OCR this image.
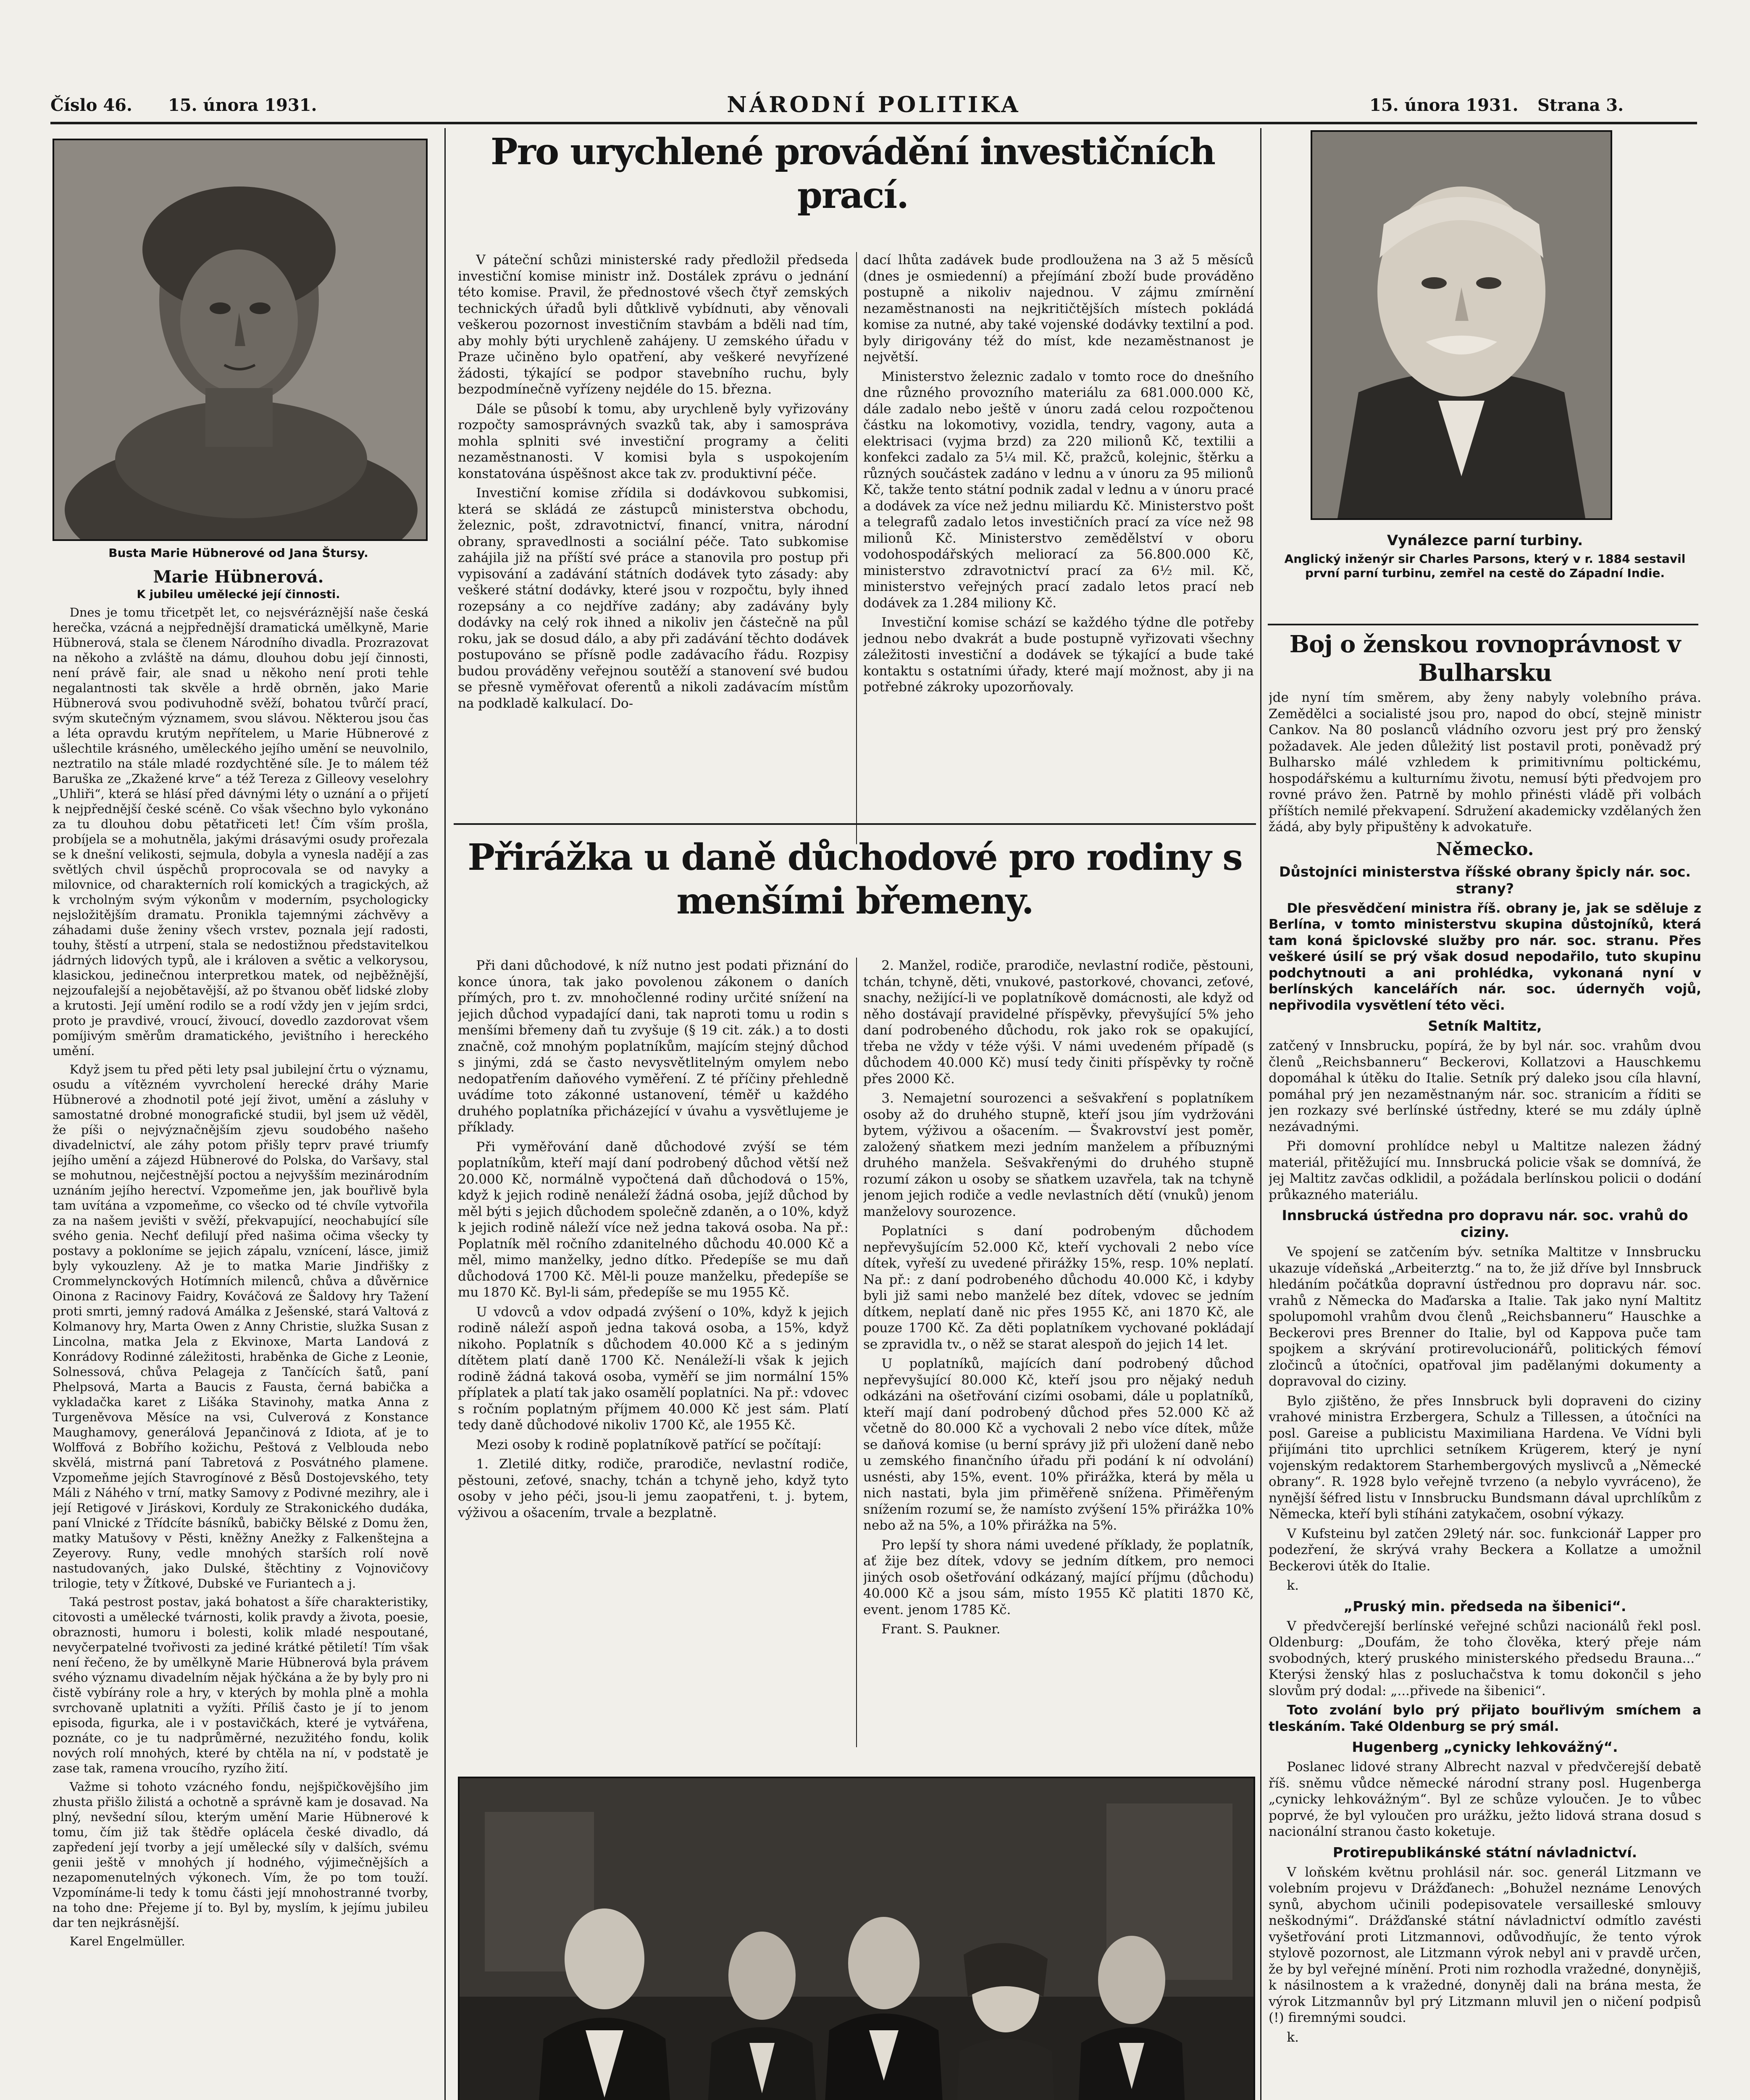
Číslo 46. 15. února 1931.	NÁRODNÍ POLITIKA	15. února 1931. Strana 3.
Busta Marie Hübnerové od Jana Štursy.
Marie Hübnerová.
K jubileu umělecké její činnosti.

Dnes je tomu třicetpět let, co nejsvéráznější naše česká herečka, vzácná a nejpřednější dramatická umělkyně, Marie Hübnerová, stala se členem Národního divadla. Prozrazovat na někoho a zvláště na dámu, dlouhou dobu její činnosti, není právě fair, ale snad u někoho není proti tehle negalantnosti tak skvěle a hrdě obrněn, jako Marie Hübnerová svou podivuhodně svěží, bohatou tvůrčí prací, svým skutečným významem, svou slávou. Některou jsou čas a léta opravdu krutým nepřítelem, u Marie Hübnerové z ušlechtile krásného, uměleckého jejího umění se neuvolnilo, neztratilo na stále mladé rozdychtěné síle. Je to málem též Baruška ze „Zkažené krve“ a též Tereza z Gilleovy veselohry „Uhliři“, která se hlásí před dávnými léty o uznání a o přijetí k nejpřednější české scéně. Co však všechno bylo vykonáno za tu dlouhou dobu pětatřiceti let! Čím vším prošla, probíjela se a mohutněla, jakými drásavými osudy prořezala se k dnešní velikosti, sejmula, dobyla a vynesla nadějí a zas světlých chvil úspěchů proprocovala se od navyky a milovnice, od charakterních rolí komických a tragických, až k vrcholným svým výkonům v moderním, psychologicky nejsložitějším dramatu. Pronikla tajemnými záchvěvy a záhadami duše ženiny všech vrstev, poznala její radosti, touhy, štěstí a utrpení, stala se nedostižnou představitelkou jádrných lidových typů, ale i královen a světic a velkorysou, klasickou, jedinečnou interpretkou matek, od nejběžnější, nejzoufalejší a nejobětavější, až po štvanou oběť lidské zloby a krutosti. Její umění rodilo se a rodí vždy jen v jejím srdci, proto je pravdivé, vroucí, živoucí, dovedlo zazdorovat všem pomíjivým směrům dramatického, jevištního i hereckého umění.

Když jsem tu před pěti lety psal jubilejní črtu o významu, osudu a vítězném vyvrcholení herecké dráhy Marie Hübnerové a zhodnotil poté její život, umění a zásluhy v samostatné drobné monografické studii, byl jsem už věděl, že píši o nejvýznačnějším zjevu soudobého našeho divadelnictví, ale záhy potom přišly teprv pravé triumfy jejího umění a zájezd Hübnerové do Polska, do Varšavy, stal se mohutnou, nejčestnější poctou a nejvyšším mezinárodním uznáním jejího herectví. Vzpomeňme jen, jak bouřlivě byla tam uvítána a vzpomeňme, co všecko od té chvíle vytvořila za na našem jevišti v svěží, překvapující, neochabující síle svého genia. Nechť defilují před našima očima všecky ty postavy a pokloníme se jejich zápalu, vznícení, lásce, jimiž byly vykouzleny. Až je to matka Marie Jindřišky z Crommelynckových Hotímních milenců, chůva a důvěrnice Oinona z Racinovy Faidry, Kováčová ze Šaldovy hry Tažení proti smrti, jemný radová Amálka z Ješenské, stará Valtová z Kolmanovy hry, Marta Owen z Anny Christie, služka Susan z Lincolna, matka Jela z Ekvinoxe, Marta Landová z Konrádovy Rodinné záležitosti, hraběnka de Giche z Leonie, Solnessová, chůva Pelageja z Tančících šatů, paní Phelpsová, Marta a Baucis z Fausta, černá babička a vykladačka karet z Lišáka Stavinohy, matka Anna z Turgeněvova Měsíce na vsi, Culverová z Konstance Maughamovy, generálová Jepančinová z Idiota, ať je to Wolffová z Bobřího kožichu, Peštová z Velbloudа nebo skvělá, mistrná paní Tabretová z Posvátného plamene. Vzpomeňme jejích Stavrogínové z Běsů Dostojevského, tety Máli z Náhého v trní, matky Samovy z Podivné mezihry, ale i její Retigové v Jiráskovi, Korduly ze Strakonického dudáka, paní Vlnické z Třídcíte básníků, babičky Bělské z Domu žen, matky Matušovy v Pěsti, kněžny Anežky z Falkenštejna a Zeyerovy. Runy, vedle mnohých starších rolí nově nastudovaných, jako Dulské, štěchtiny z Vojnovičovy trilogie, tety v Žítkové, Dubské ve Furiantech a j.

Taká pestrost postav, jaká bohatost a šíře charakteristiky, citovosti a umělecké tvárnosti, kolik pravdy a života, poesie, obraznosti, humoru i bolesti, kolik mladé nespoutané, nevyčerpatelné tvořivosti za jediné krátké pětiletí! Tím však není řečeno, že by umělkyně Marie Hübnerová byla právem svého významu divadelním nějak hýčkána a že by byly pro ni čistě vybírány role a hry, v kterých by mohla plně a mohla svrchovaně uplatniti a vyžíti. Příliš často je jí to jenom episoda, figurka, ale i v postavičkách, které je vytvářena, poznáte, co je tu nadprůměrné, nezužitého fondu, kolik nových rolí mnohých, které by chtěla na ní, v podstatě je zase tak, ramena vroucího, ryzího žití.

Važme si tohoto vzácného fondu, nejšpičkovějšího jim zhusta přišlo žilistá a ochotně a správně kam je dosavad. Na plný, nevšední sílou, kterým umění Marie Hübnerové k tomu, čím již tak štědře oplácela české divadlo, dá zapředení její tvorby a její umělecké síly v dalších, svému genii ještě v mnohých jí hodného, výjimečnějších a nezapomenutelných výkonech. Vím, že po tom touží. Vzpomínáme-li tedy k tomu části její mnohostranné tvorby, na toho dne: Přejeme jí to. Byl by, myslím, k jejímu jubileu dar ten nejkrásnější.

Karel Engelmüller.

Pro urychlené provádění investičních prací.

V páteční schůzi ministerské rady předložil předseda investiční komise ministr inž. Dostálek zprávu o jednání této komise. Pravil, že přednostové všech čtyř zemských technických úřadů byli důtklivě vybídnuti, aby věnovali veškerou pozornost investičním stavbám a bděli nad tím, aby mohly býti urychleně zahájeny. U zemského úřadu v Praze učiněno bylo opatření, aby veškeré nevyřízené žádosti, týkající se podpor stavebního ruchu, byly bezpodmínečně vyřízeny nejdéle do 15. března.

Dále se působí k tomu, aby urychleně byly vyřizovány rozpočty samosprávných svazků tak, aby i samospráva mohla splniti své investiční programy a čeliti nezaměstnanosti. V komisi byla s uspokojením konstatována úspěšnost akce tak zv. produktivní péče.

Investiční komise zřídila si dodávkovou subkomisi, která se skládá ze zástupců ministerstva obchodu, železnic, pošt, zdravotnictví, financí, vnitra, národní obrany, spravedlnosti a sociální péče. Tato subkomise zahájila již na příští své práce a stanovila pro postup při vypisování a zadávání státních dodávek tyto zásady: aby veškeré státní dodávky, které jsou v rozpočtu, byly ihned rozepsány a co nejdříve zadány; aby zadávány byly dodávky na celý rok ihned a nikoliv jen částečně na půl roku, jak se dosud dálo, a aby při zadávání těchto dodávek postupováno se přísně podle zadávacího řádu. Rozpisy budou prováděny veřejnou soutěží a stanovení své budou se přesně vyměřovat oferentů a nikoli zadávacím místům na podkladě kalkulací. Do-

dací lhůta zadávek bude prodloužena na 3 až 5 měsíců (dnes je osmiedenní) a přejímání zboží bude prováděno postupně a nikoliv najednou. V zájmu zmírnění nezaměstnanosti na nejkritičtějších místech pokládá komise za nutné, aby také vojenské dodávky textilní a pod. byly dirigovány též do míst, kde nezaměstnanost je největší.

Ministerstvo železnic zadalo v tomto roce do dnešního dne různého provozního materiálu za 681.000.000 Kč, dále zadalo nebo ještě v únoru zadá celou rozpočtenou částku na lokomotivy, vozidla, tendry, vagony, auta a elektrisaci (vyjma brzd) za 220 milionů Kč, textilii a konfekci zadalo za 5¼ mil. Kč, pražců, kolejnic, štěrku a různých součástek zadáno v lednu a v únoru za 95 milionů Kč, takže tento státní podnik zadal v lednu a v únoru pracé a dodávek za více než jednu miliardu Kč. Ministerstvo pošt a telegrafů zadalo letos investičních prací za více než 98 milionů Kč. Ministerstvo zemědělství v oboru vodohospodářských meliorací za 56.800.000 Kč, ministerstvo zdravotnictví prací za 6½ mil. Kč, ministerstvo veřejných prací zadalo letos prací neb dodávek za 1.284 miliony Kč.

Investiční komise schází se každého týdne dle potřeby jednou nebo dvakrát a bude postupně vyřizovati všechny záležitosti investiční a dodávek se týkající a bude také kontaktu s ostatními úřady, které mají možnost, aby ji na potřebné zákroky upozorňovaly.

Přirážka u daně důchodové pro rodiny s menšími břemeny.

Při dani důchodové, k níž nutno jest podati přiznání do konce února, tak jako povolenou zákonem o daních přímých, pro t. zv. mnohočlenné rodiny určité snížení na jejich důchod vypadající dani, tak naproti tomu u rodin s menšími břemeny daň tu zvyšuje (§ 19 cit. zák.) a to dosti značně, což mnohým poplatníkům, majícím stejný důchod s jinými, zdá se často nevysvětlitelným omylem nebo nedopatřením daňového vyměření. Z té příčiny přehledně uvádíme toto zákonné ustanovení, téměř u každého druhého poplatníka přicházející v úvahu a vysvětlujeme je příklady.

Při vyměřování daně důchodové zvýší se tém poplatníkům, kteří mají daní podrobený důchod větší než 20.000 Kč, normálně vypočtená daň důchodová o 15%, když k jejich rodině nenáleží žádná osoba, jejíž důchod by měl býti s jejich důchodem společně zdaněn, a o 10%, když k jejich rodině náleží více než jedna taková osoba. Na př.: Poplatník měl ročního zdanitelného důchodu 40.000 Kč a měl, mimo manželky, jedno dítko. Předepíše se mu daň důchodová 1700 Kč. Měl-li pouze manželku, předepíše se mu 1870 Kč. Byl-li sám, předepíše se mu 1955 Kč.

U vdovců a vdov odpadá zvýšení o 10%, když k jejich rodině náleží aspoň jedna taková osoba, a 15%, když nikoho. Poplatník s důchodem 40.000 Kč a s jediným dítětem platí daně 1700 Kč. Nenáleží-li však k jejich rodině žádná taková osoba, vyměří se jim normální 15% příplatek a platí tak jako osamělí poplatníci. Na př.: vdovec s ročním poplatným příjmem 40.000 Kč jest sám. Platí tedy daně důchodové nikoliv 1700 Kč, ale 1955 Kč.

Mezi osoby k rodině poplatníkově patřící se počítají:

1. Zletilé ditky, rodiče, prarodiče, nevlastní rodiče, pěstouni, zeťové, snachy, tchán a tchyně jeho, když tyto osoby v jeho péči, jsou-li jemu zaopatřeni, t. j. bytem, výživou a ošacením, trvale a bezplatně.

2. Manžel, rodiče, prarodiče, nevlastní rodiče, pěstouni, tchán, tchyně, děti, vnukové, pastorkové, chovanci, zeťové, snachy, nežijící-li ve poplatníkově domácnosti, ale když od něho dostávají pravidelné příspěvky, převyšující 5% jeho daní podrobeného důchodu, rok jako rok se opakující, třeba ne vždy v téže výši. V námi uvedeném případě (s důchodem 40.000 Kč) musí tedy činiti příspěvky ty ročně přes 2000 Kč.

3. Nemajetní sourozenci a sešvakření s poplatníkem osoby až do druhého stupně, kteří jsou jím vydržováni bytem, výživou a ošacením. — Švakrovství jest poměr, založený sňatkem mezi jedním manželem a příbuznými druhého manžela. Sešvakřenými do druhého stupně rozumí zákon u osoby se sňatkem uzavřela, tak na tchyně jenom jejich rodiče a vedle nevlastních dětí (vnuků) jenom manželovy sourozence.

Poplatníci s daní podrobeným důchodem nepřevyšujícím 52.000 Kč, kteří vychovali 2 nebo více dítek, vyřeší zu uvedené přirážky 15%, resp. 10% neplatí. Na př.: z daní podrobeného důchodu 40.000 Kč, i kdyby byli již sami nebo manželé bez dítek, vdovec se jedním dítkem, neplatí daně nic přes 1955 Kč, ani 1870 Kč, ale pouze 1700 Kč. Za děti poplatníkem vychované pokládají se zpravidla tv., o něž se starat alespoň do jejich 14 let.

U poplatníků, majících daní podrobený důchod nepřevyšující 80.000 Kč, kteří jsou pro nějaký neduh odkázáni na ošetřování cizími osobami, dále u poplatníků, kteří mají daní podrobený důchod přes 52.000 Kč až včetně do 80.000 Kč a vychovali 2 nebo více dítek, může se daňová komise (u berní správy již při uložení daně nebo u zemského finančního úřadu při podání k ní odvolání) usnésti, aby 15%, event. 10% přirážka, která by měla u nich nastati, byla jim přiměřeně snížena. Přiměřeným snížením rozumí se, že namísto zvýšení 15% přirážka 10% nebo až na 5%, a 10% přirážka na 5%.

Pro lepší ty shora námi uvedené příklady, že poplatník, ať žije bez dítek, vdovy se jedním dítkem, pro nemoci jiných osob ošetřování odkázaný, mající příjmu (důchodu) 40.000 Kč a jsou sám, místo 1955 Kč platiti 1870 Kč, event. jenom 1785 Kč.

Frant. S. Paukner.

Vynálezce parní turbiny.
Anglický inženýr sir Charles Parsons, který v r. 1884 sestavil první parní turbinu, zemřel na cestě do Západní Indie.
Boj o ženskou rovnoprávnost v Bulharsku

jde nyní tím směrem, aby ženy nabyly volebního práva. Zemědělci a socialisté jsou pro, napod do obcí, stejně ministr Cankov. Na 80 poslanců vládního ozvoru jest prý pro ženský požadavek. Ale jeden důležitý list postavil proti, poněvadž prý Bulharsko málé vzhledem k primitivnímu poltickému, hospodářskému a kulturnímu životu, nemusí býti předvojem pro rovné právo žen. Patrně by mohlo přinésti vládě při volbách příštích nemilé překvapení. Sdružení akademicky vzdělaných žen žádá, aby byly připuštěny k advokatuře.

Německo.
Důstojníci ministerstva říšské obrany špicly nár. soc. strany?

Dle přesvědčení ministra říš. obrany je, jak se sděluje z Berlína, v tomto ministerstvu skupina důstojníků, která tam koná špiclovské služby pro nár. soc. stranu. Přes veškeré úsilí se prý však dosud nepodařilo, tuto skupinu podchytnouti a ani prohlédka, vykonaná nyní v berlínských kancelářích nár. soc. údernyčh vojů, nepřivodila vysvětlení této věci.

Setník Maltitz,

zatčený v Innsbrucku, popírá, že by byl nár. soc. vrahům dvou členů „Reichsbanneru“ Beckerovi, Kollatzovi a Hauschkemu dopomáhal k útěku do Italie. Setník prý daleko jsou cíla hlavní, pomáhal prý jen nezaměstnaným nár. soc. stranicím a říditi se jen rozkazy své berlínské ústředny, které se mu zdály úplně nezávadnými.

Při domovní prohlídce nebyl u Maltitze nalezen žádný materiál, přitěžující mu. Innsbrucká policie však se domnívá, že jej Maltitz zavčas odklidil, a požádala berlínskou policii o dodání průkazného materiálu.

Innsbrucká ústředna pro dopravu nár. soc. vrahů do ciziny.

Ve spojení se zatčením býv. setníka Maltitze v Innsbrucku ukazuje vídeňská „Arbeiterztg.“ na to, že již dříve byl Innsbruck hledáním počátkůa dopravní ústřednou pro dopravu nár. soc. vrahů z Německa do Maďarska a Italie. Tak jako nyní Maltitz spolupomohl vrahům dvou členů „Reichsbanneru“ Hauschke a Beckerovi pres Brenner do Italie, byl od Kappova puče tam spojkem a skrývání protirevolucionářů, politických fémoví zločinců a útočníci, opatřoval jim padělanými dokumenty a dopravoval do ciziny.

Bylo zjištěno, že přes Innsbruck byli dopraveni do ciziny vrahové ministra Erzbergera, Schulz a Tillessen, a útočníci na posl. Gareise a publicistu Maximiliana Hardena. Ve Vídni byli přijímáni tito uprchlici setníkem Krügerem, který je nyní vojenským redaktorem Starhembergových myslivců a „Německé obrany“. R. 1928 bylo veřejně tvrzeno (a nebylo vyvráceno), že nynější šéfred listu v Innsbrucku Bundsmann dával uprchlíkům z Německa, kteří byli stíháni zatykačem, osobní výkazy.

V Kufsteinu byl zatčen 29letý nár. soc. funkcionář Lapper pro podezření, že skrývá vrahy Beckera a Kollatze a umožnil Beckerovi útěk do Italie.

k.

„Pruský min. předseda na šibenici“.

V předvčerejší berlínské veřejné schůzi nacionálů řekl posl. Oldenburg: „Doufám, že toho člověka, který přeje nám svobodných, který pruského ministerského předsedu Brauna...“ Kterýsi ženský hlas z posluchačstva k tomu dokončil s jeho slovům prý dodal: „...přivede na šibenici“.

Toto zvolání bylo prý přijato bouřlivým smíchem a tleskáním. Také Oldenburg se prý smál.

Hugenberg „cynicky lehkovážný“.

Poslanec lidové strany Albrecht nazval v předvčerejší debatě říš. sněmu vůdce německé národní strany posl. Hugenberga „cynicky lehkovážným“. Byl ze schůze vyloučen. Je to vůbec poprvé, že byl vyloučen pro urážku, ježto lidová strana dosud s nacionální stranou často koketuje.

Protirepublikánské státní návladnictví.

V loňském květnu prohlásil nár. soc. generál Litzmann ve volebním projevu v Drážďanech: „Bohužel neznáme Lenových synů, abychom učinili podepisovatele versailleské smlouvy neškodnými“. Drážďanské státní návladnictví odmítlo zavésti vyšetřování proti Litzmannovi, odůvodňujíc, že tento výrok stylově pozornost, ale Litzmann výrok nebyl ani v pravdě určen, že by byl veřejné mínění. Proti nim rozhodla vražedné, donynějiš, k násilnostem a k vražedné, donyněj dali na brána mesta, že výrok Litzmannův byl prý Litzmann mluvil jen o ničení podpisů (!) firemnými soudci.

k.
